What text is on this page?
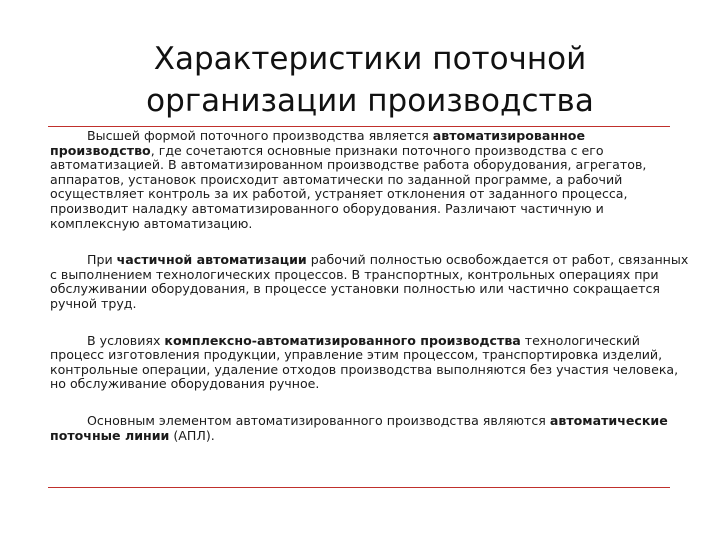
Характеристики поточной
организации производства

Высшей формой поточного производства является автоматизированное производство, где сочетаются основные признаки поточного производства с его автоматизацией. В автоматизированном производстве работа оборудования, агрегатов, аппаратов, установок происходит автоматически по заданной программе, а рабочий осуществляет контроль за их работой, устраняет отклонения от заданного процесса, производит наладку автоматизированного оборудования. Различают частичную и комплексную автоматизацию.

При частичной автоматизации рабочий полностью освобождается от работ, связанных с выполнением технологических процессов. В транспортных, контрольных операциях при обслуживании оборудования, в процессе установки полностью или частично сокращается ручной труд.

В условиях комплексно-автоматизированного производства технологический процесс изготовления продукции, управление этим процессом, транспортировка изделий, контрольные операции, удаление отходов производства выполняются без участия человека, но обслуживание оборудования ручное.

Основным элементом автоматизированного производства являются автоматические поточные линии (АПЛ).
